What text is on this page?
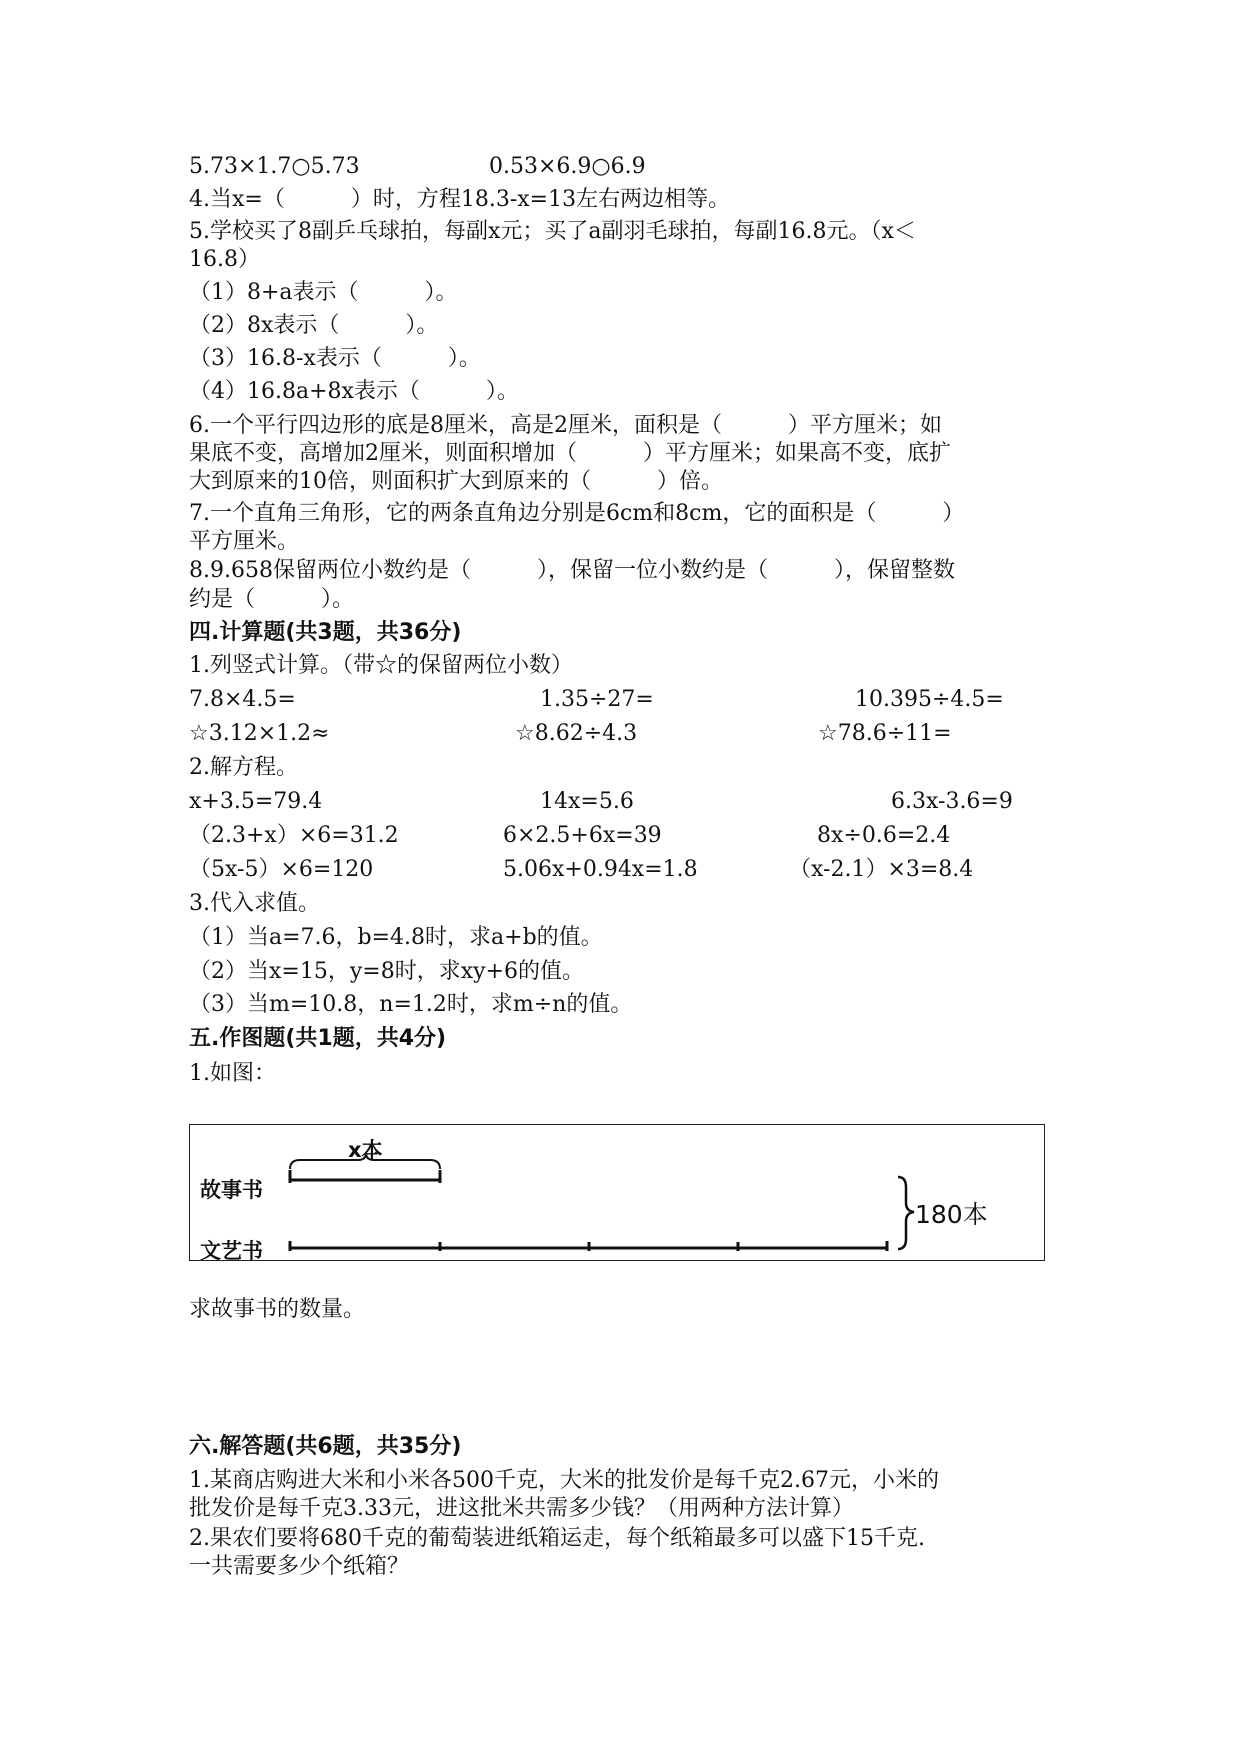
5.73×1.7○5.73	0.53×6.9○6.9
4.当x=（　　　）时，方程18.3-x=13左右两边相等。
5.学校买了8副乒乓球拍，每副x元；买了a副羽毛球拍，每副16.8元。（x＜
16.8）
（1）8+a表示（　　　）。
（2）8x表示（　　　）。
（3）16.8-x表示（　　　）。
（4）16.8a+8x表示（　　　）。
6.一个平行四边形的底是8厘米，高是2厘米，面积是（　　　）平方厘米；如
果底不变，高增加2厘米，则面积增加（　　　）平方厘米；如果高不变，底扩
大到原来的10倍，则面积扩大到原来的（　　　）倍。
7.一个直角三角形，它的两条直角边分别是6cm和8cm，它的面积是（　　　）
平方厘米。
8.9.658保留两位小数约是（　　　），保留一位小数约是（　　　），保留整数
约是（　　　）。
四.计算题(共3题，共36分)
1.列竖式计算。（带☆的保留两位小数）
7.8×4.5=	1.35÷27=	10.395÷4.5=
☆3.12×1.2≈	☆8.62÷4.3	☆78.6÷11=
2.解方程。
x+3.5=79.4	14x=5.6	6.3x-3.6=9
（2.3+x）×6=31.2	6×2.5+6x=39	8x÷0.6=2.4
（5x-5）×6=120	5.06x+0.94x=1.8	（x-2.1）×3=8.4
3.代入求值。
（1）当a=7.6，b=4.8时，求a+b的值。
（2）当x=15，y=8时，求xy+6的值。
（3）当m=10.8，n=1.2时，求m÷n的值。
五.作图题(共1题，共4分)
1.如图：
x本
故事书
文艺书
180本
求故事书的数量。
六.解答题(共6题，共35分)
1.某商店购进大米和小米各500千克，大米的批发价是每千克2.67元，小米的
批发价是每千克3.33元，进这批米共需多少钱？（用两种方法计算）
2.果农们要将680千克的葡萄装进纸箱运走，每个纸箱最多可以盛下15千克.
一共需要多少个纸箱？
